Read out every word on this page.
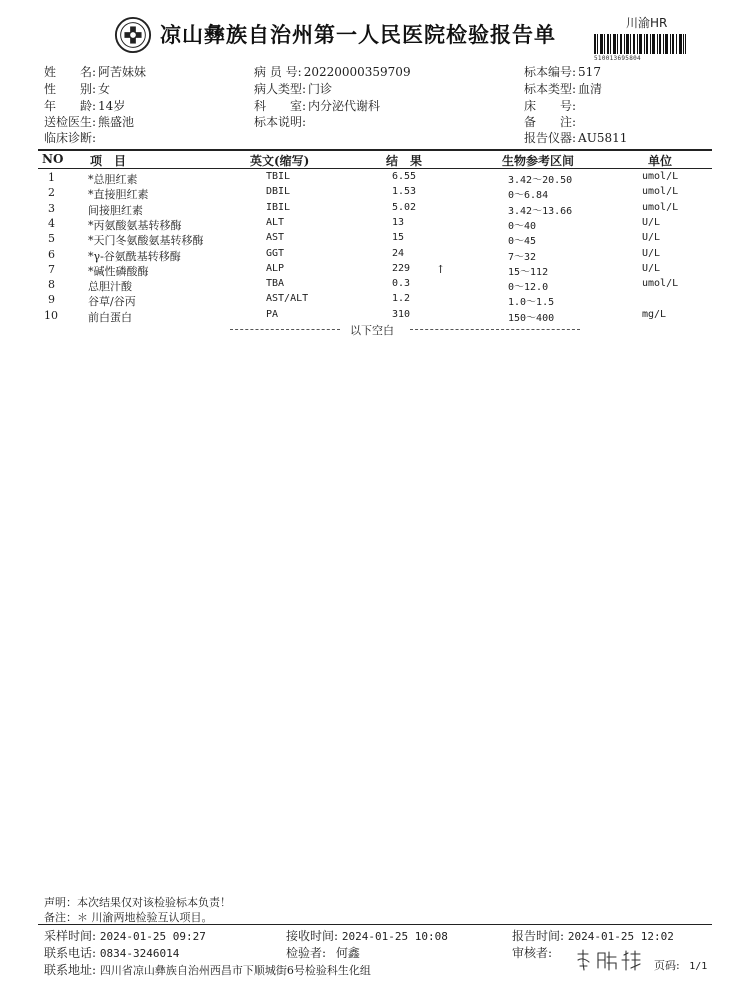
凉山彝族自治州第一人民医院检验报告单	川渝HR
510013695804
姓　　名: 阿苦妹妹
性　　别: 女
年　　龄: 14岁
送检医生: 熊盛池
临床诊断:
病 员 号: 20220000359709
病人类型: 门诊
科　　室: 内分泌代谢科
标本说明:
标本编号: 517
标本类型: 血清
床　　号:
备　　注:
报告仪器: AU5811
NO 项　目	英文(缩写)	结　果	生物参考区间	单位
1	*总胆红素	TBIL	6.55	3.42～20.50	umol/L
2	*直接胆红素	DBIL	1.53	0～6.84	umol/L
3	间接胆红素	IBIL	5.02	3.42～13.66	umol/L
4	*丙氨酸氨基转移酶	ALT	13	0～40	U/L
5	*天门冬氨酸氨基转移酶	AST	15	0～45	U/L
6	*γ-谷氨酰基转移酶	GGT	24	7～32	U/L
7	*碱性磷酸酶	ALP	229 ↑	15～112	U/L
8	总胆汁酸	TBA	0.3	0～12.0	umol/L
9	谷草/谷丙	AST/ALT	1.2	1.0～1.5
10	前白蛋白	PA	310	150～400	mg/L
以下空白
声明：本次结果仅对该检验标本负责！
备注：＊ 川渝两地检验互认项目。
采样时间: 2024-01-25 09:27	接收时间: 2024-01-25 10:08	报告时间: 2024-01-25 12:02
联系电话: 0834-3246014	检验者: 何鑫	审核者:
联系地址: 四川省凉山彝族自治州西昌市下顺城街6号检验科生化组	页码: 1/1
